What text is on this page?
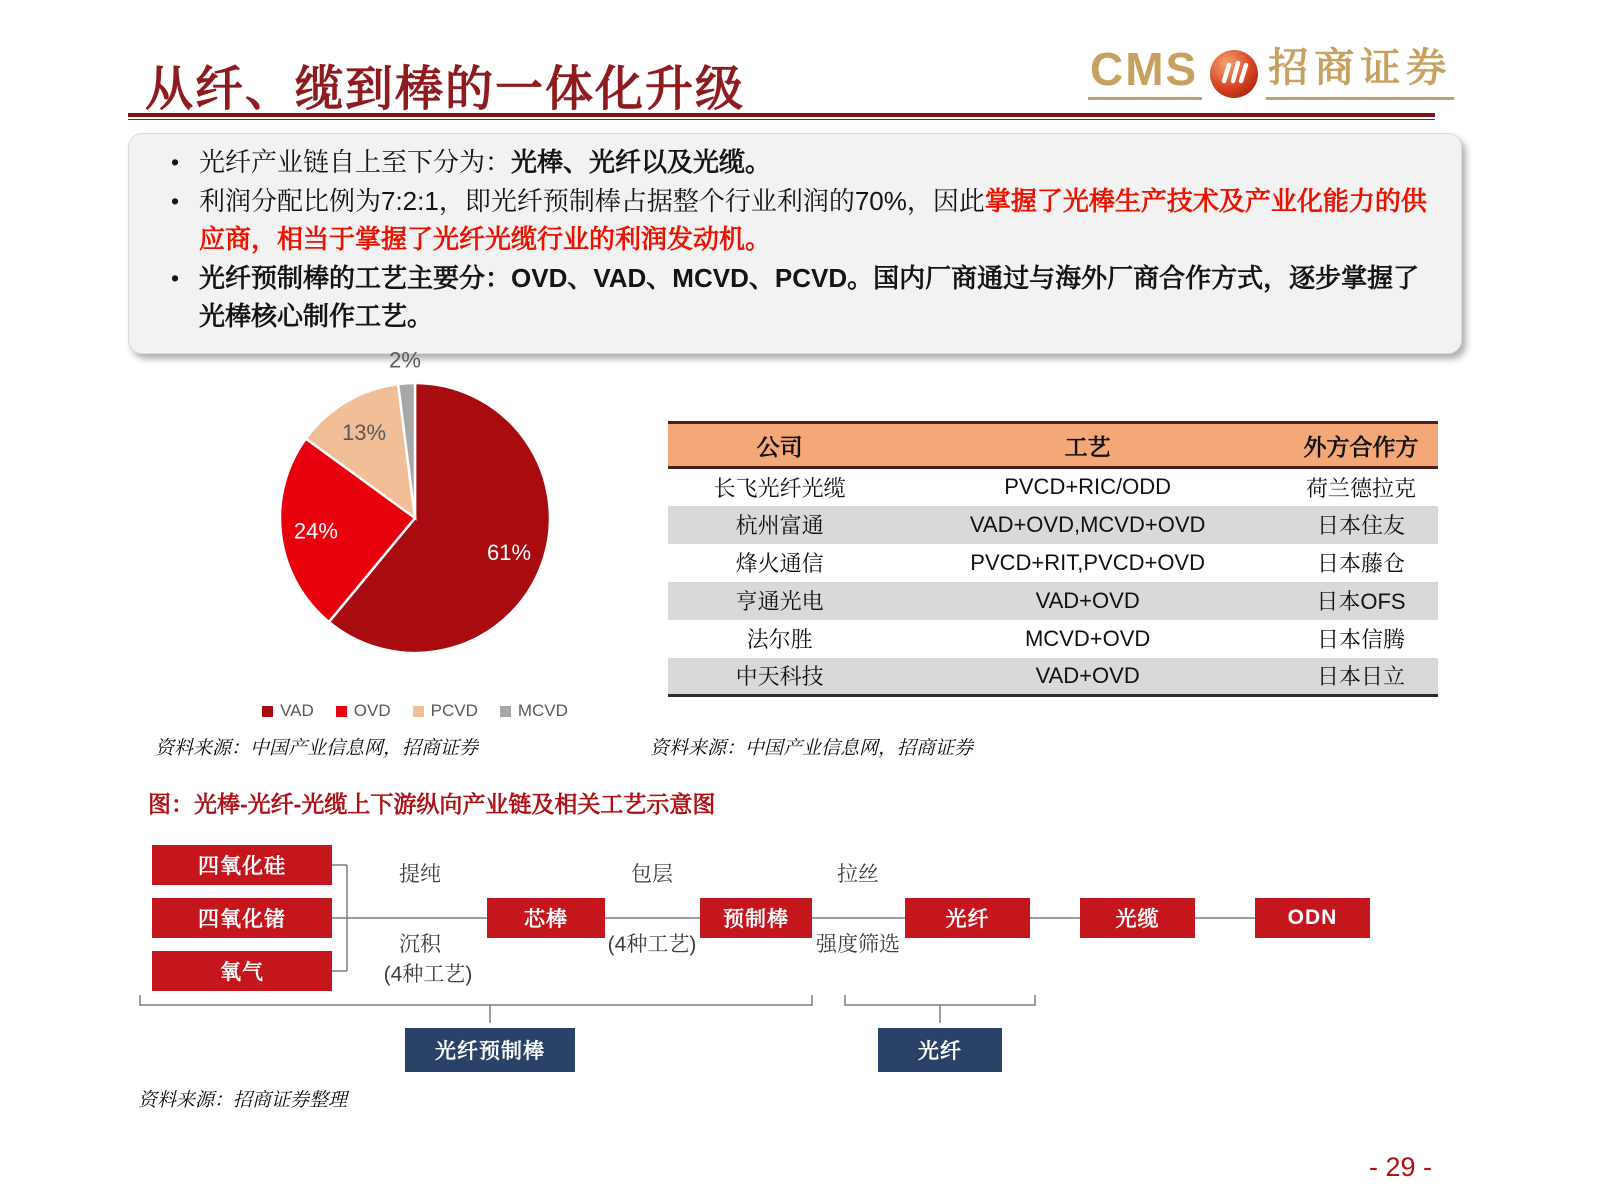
从纤、缆到棒的一体化升级	CMS 招商证券
• 光纤产业链自上至下分为：光棒、光纤以及光缆。
• 利润分配比例为7:2:1，即光纤预制棒占据整个行业利润的70%，因此掌握了光棒生产技术及产业化能力的供应商，相当于掌握了光纤光缆行业的利润发动机。
• 光纤预制棒的工艺主要分：OVD、VAD、MCVD、PCVD。国内厂商通过与海外厂商合作方式，逐步掌握了光棒核心制作工艺。
61%
24%
13%
2%
VAD OVD PCVD MCVD
公司	工艺	外方合作方
长飞光纤光缆	PVCD+RIC/ODD	荷兰德拉克
杭州富通	VAD+OVD,MCVD+OVD	日本住友
烽火通信	PVCD+RIT,PVCD+OVD	日本藤仓
亨通光电	VAD+OVD	日本OFS
法尔胜	MCVD+OVD	日本信腾
中天科技	VAD+OVD	日本日立
资料来源：中国产业信息网，招商证券	资料来源：中国产业信息网，招商证券
图：光棒-光纤-光缆上下游纵向产业链及相关工艺示意图
四氧化硅
四氧化锗
氧气
芯棒	预制棒	光纤	光缆	ODN
提纯
沉积
(4种工艺)
包层
(4种工艺)
拉丝
强度筛选
光纤预制棒	光纤
资料来源：招商证券整理
- 29 -
